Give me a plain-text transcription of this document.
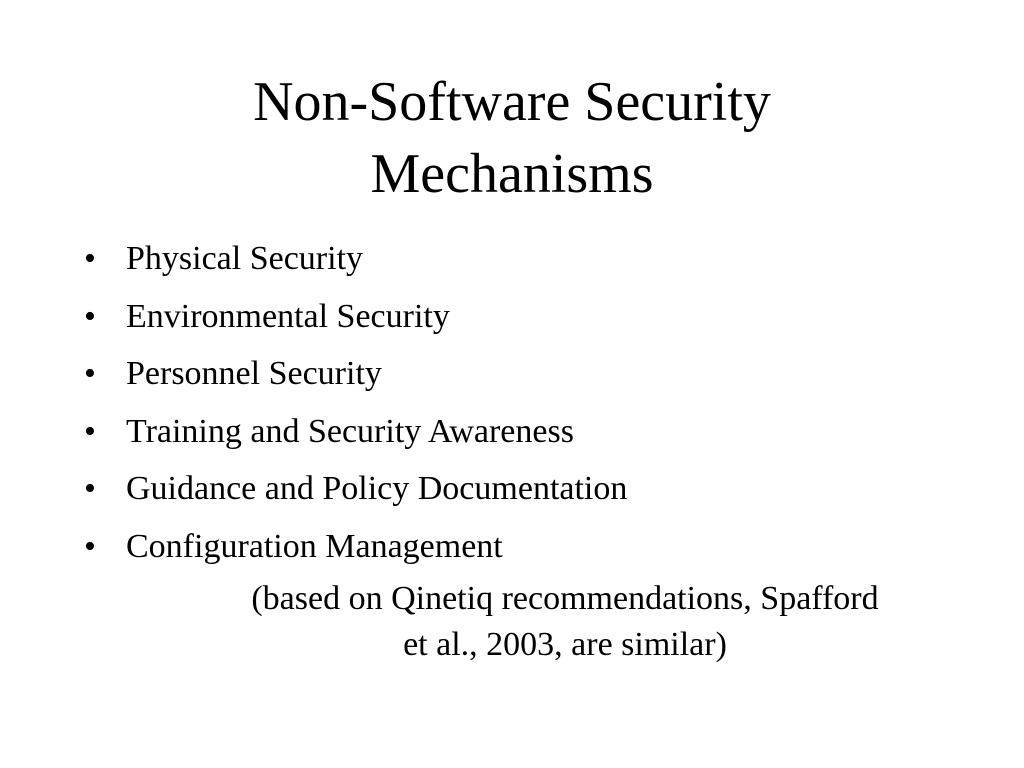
Non-Software Security
Mechanisms
• Physical Security
• Environmental Security
• Personnel Security
• Training and Security Awareness
• Guidance and Policy Documentation
• Configuration Management

(based on Qinetiq recommendations, Spafford
et al., 2003, are similar)
